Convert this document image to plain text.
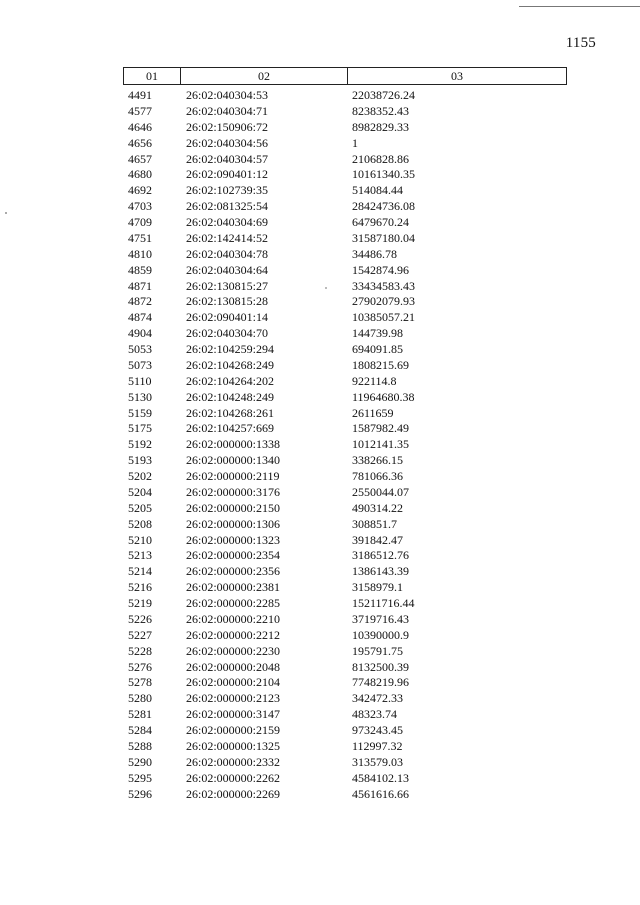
1155
01	02	03
4491	26:02:040304:53	22038726.24
4577	26:02:040304:71	8238352.43
4646	26:02:150906:72	8982829.33
4656	26:02:040304:56	1
4657	26:02:040304:57	2106828.86
4680	26:02:090401:12	10161340.35
4692	26:02:102739:35	514084.44
4703	26:02:081325:54	28424736.08
4709	26:02:040304:69	6479670.24
4751	26:02:142414:52	31587180.04
4810	26:02:040304:78	34486.78
4859	26:02:040304:64	1542874.96
4871	26:02:130815:27	33434583.43
4872	26:02:130815:28	27902079.93
4874	26:02:090401:14	10385057.21
4904	26:02:040304:70	144739.98
5053	26:02:104259:294	694091.85
5073	26:02:104268:249	1808215.69
5110	26:02:104264:202	922114.8
5130	26:02:104248:249	11964680.38
5159	26:02:104268:261	2611659
5175	26:02:104257:669	1587982.49
5192	26:02:000000:1338	1012141.35
5193	26:02:000000:1340	338266.15
5202	26:02:000000:2119	781066.36
5204	26:02:000000:3176	2550044.07
5205	26:02:000000:2150	490314.22
5208	26:02:000000:1306	308851.7
5210	26:02:000000:1323	391842.47
5213	26:02:000000:2354	3186512.76
5214	26:02:000000:2356	1386143.39
5216	26:02:000000:2381	3158979.1
5219	26:02:000000:2285	15211716.44
5226	26:02:000000:2210	3719716.43
5227	26:02:000000:2212	10390000.9
5228	26:02:000000:2230	195791.75
5276	26:02:000000:2048	8132500.39
5278	26:02:000000:2104	7748219.96
5280	26:02:000000:2123	342472.33
5281	26:02:000000:3147	48323.74
5284	26:02:000000:2159	973243.45
5288	26:02:000000:1325	112997.32
5290	26:02:000000:2332	313579.03
5295	26:02:000000:2262	4584102.13
5296	26:02:000000:2269	4561616.66
